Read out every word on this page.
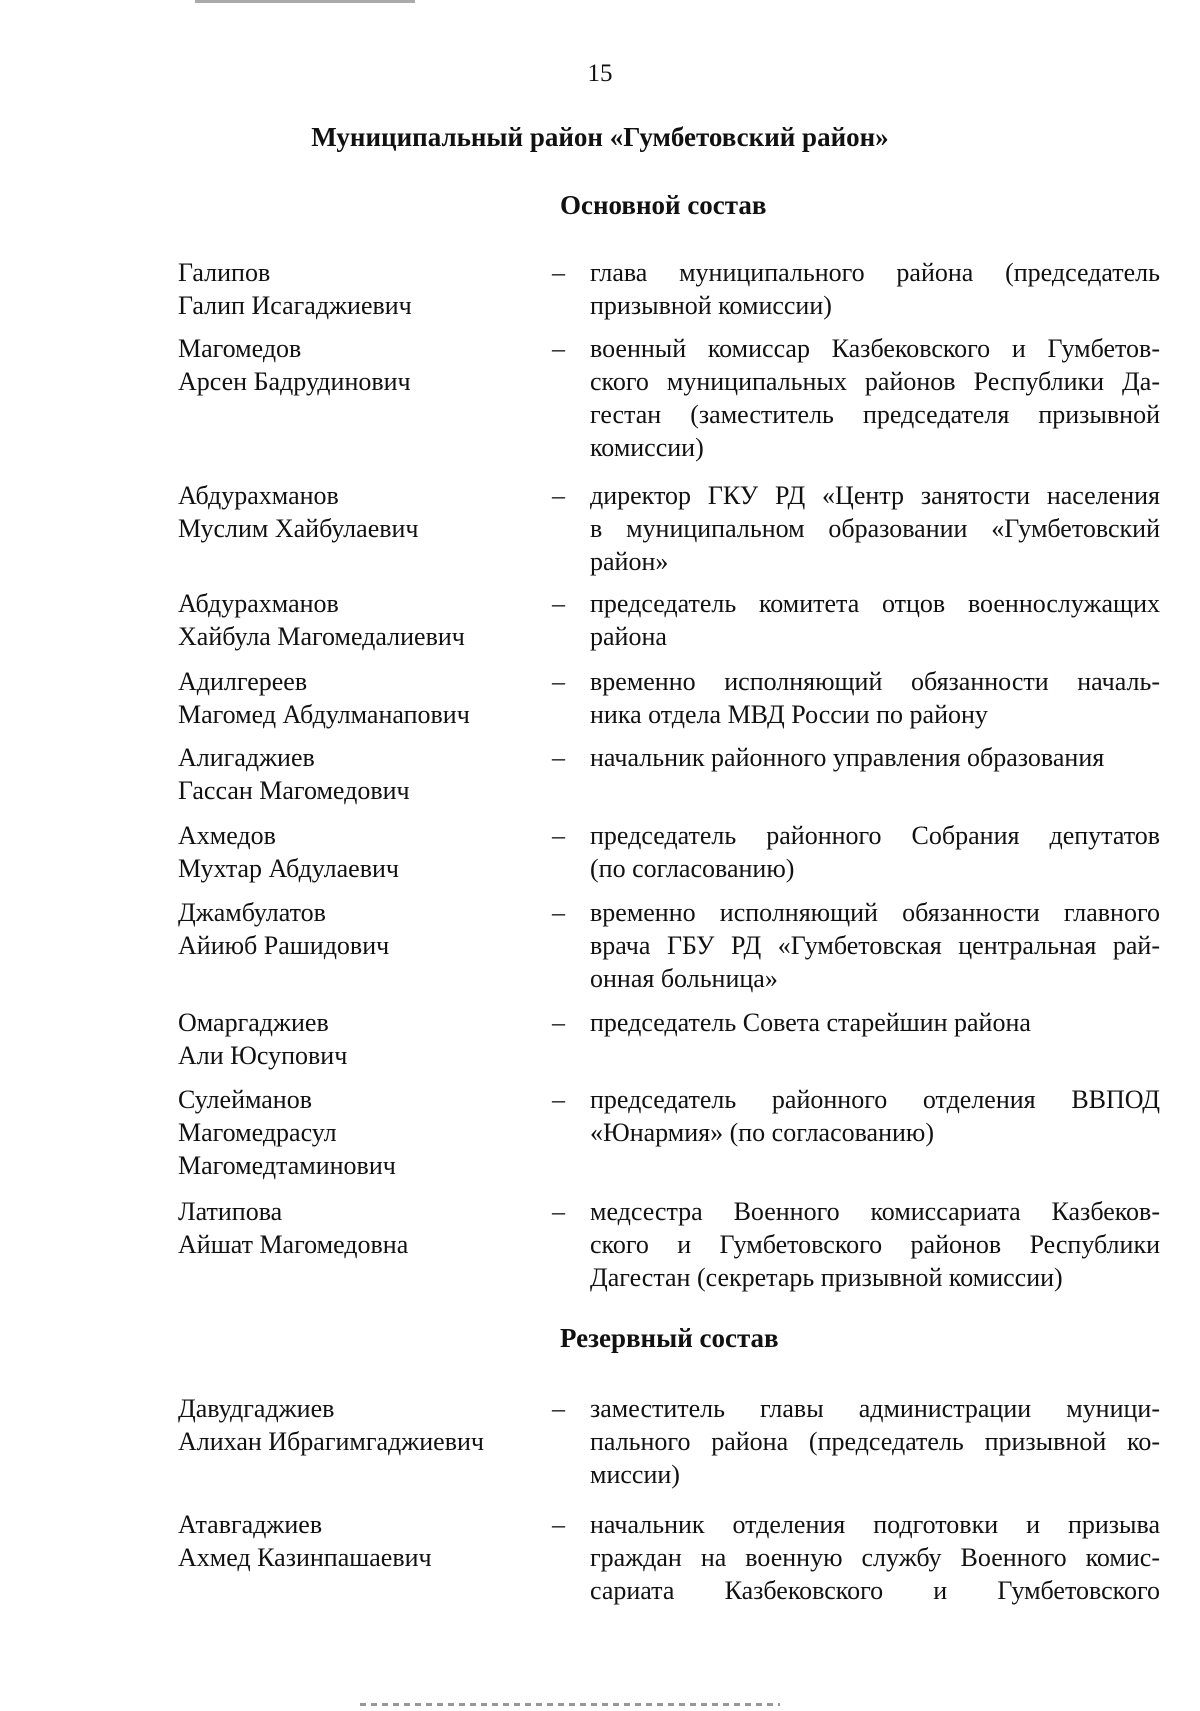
15
Муниципальный район «Гумбетовский район»
Основной состав
Галипов
Галип Исагаджиевич
– глава муниципального района (председатель
призывной комиссии)
Магомедов
Арсен Бадрудинович
– военный комиссар Казбековского и Гумбетов-
ского муниципальных районов Республики Да-
гестан (заместитель председателя призывной
комиссии)
Абдурахманов
Муслим Хайбулаевич
– директор ГКУ РД «Центр занятости населения
в муниципальном образовании «Гумбетовский
район»
Абдурахманов
Хайбула Магомедалиевич
– председатель комитета отцов военнослужащих
района
Адилгереев
Магомед Абдулманапович
– временно исполняющий обязанности началь-
ника отдела МВД России по району
Алигаджиев
Гассан Магомедович
– начальник районного управления образования
Ахмедов
Мухтар Абдулаевич
– председатель районного Собрания депутатов
(по согласованию)
Джамбулатов
Айиюб Рашидович
– временно исполняющий обязанности главного
врача ГБУ РД «Гумбетовская центральная рай-
онная больница»
Омаргаджиев
Али Юсупович
– председатель Совета старейшин района
Сулейманов
Магомедрасул
Магомедтаминович
– председатель районного отделения ВВПОД
«Юнармия» (по согласованию)
Латипова
Айшат Магомедовна
– медсестра Военного комиссариата Казбеков-
ского и Гумбетовского районов Республики
Дагестан (секретарь призывной комиссии)
Резервный состав
Давудгаджиев
Алихан Ибрагимгаджиевич
– заместитель главы администрации муници-
пального района (председатель призывной ко-
миссии)
Атавгаджиев
Ахмед Казинпашаевич
– начальник отделения подготовки и призыва
граждан на военную службу Военного комис-
сариата Казбековского и Гумбетовского
